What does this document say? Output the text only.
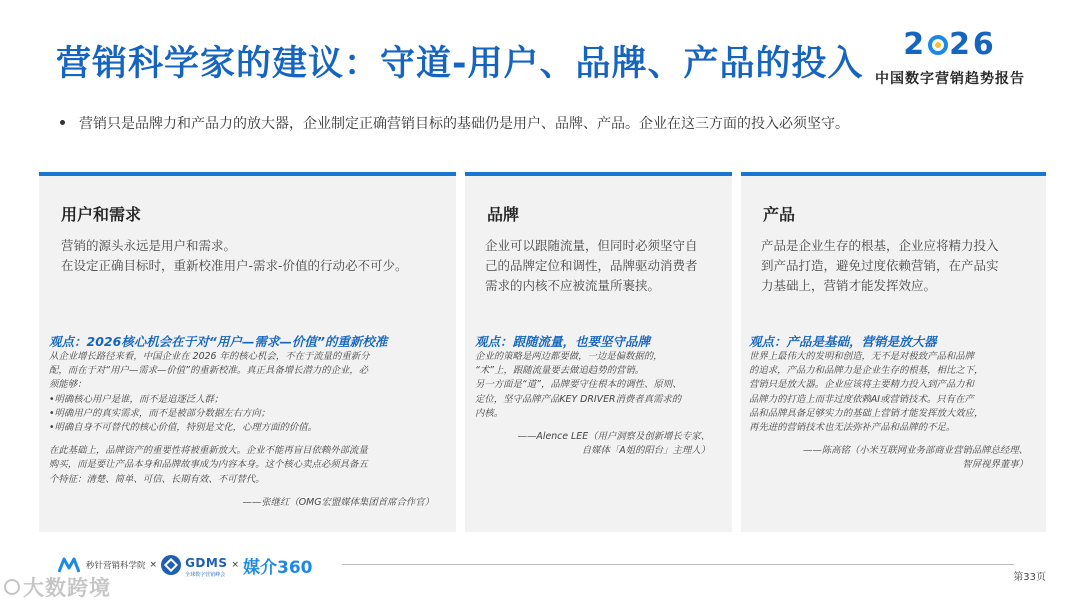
营销科学家的建议：守道-用户、品牌、产品的投入	2 26
中国数字营销趋势报告
营销只是品牌力和产品力的放大器，企业制定正确营销目标的基础仍是用户、品牌、产品。企业在这三方面的投入必须坚守。
用户和需求

营销的源头永远是用户和需求。

在设定正确目标时，重新校准用户-需求-价值的行动必不可少。

观点：2026核心机会在于对“用户—需求—价值”的重新校准

从企业增长路径来看，中国企业在 2026 年的核心机会，不在于流量的重新分

配，而在于对“用户—需求—价值”的重新校准。真正具备增长潜力的企业，必

须能够：

•明确核心用户是谁，而不是追逐泛人群；

•明确用户的真实需求，而不是被部分数据左右方向；

•明确自身不可替代的核心价值，特别是文化，心理方面的价值。

在此基础上，品牌资产的重要性将被重新放大。企业不能再盲目依赖外部流量

购买，而是要让产品本身和品牌故事成为内容本身。这个核心卖点必须具备五

个特征：清楚、简单、可信、长期有效、不可替代。

——张继红（OMG宏盟媒体集团首席合作官）

品牌

企业可以跟随流量，但同时必须坚守自

己的品牌定位和调性，品牌驱动消费者

需求的内核不应被流量所裹挟。

观点：跟随流量，也要坚守品牌

企业的策略是两边都要做，一边是偏数据的，

“术”上，跟随流量要去做追趋势的营销。

另一方面是“道”，品牌要守住根本的调性、原则、

定位，坚守品牌产品KEY DRIVER消费者真需求的

内核。

——Alence LEE（用户洞察及创新增长专家、

自媒体「A姐的阳台」主理人）

产品

产品是企业生存的根基，企业应将精力投入

到产品打造，避免过度依赖营销，在产品实

力基础上，营销才能发挥效应。

观点：产品是基础，营销是放大器

世界上最伟大的发明和创造，无不是对极致产品和品牌

的追求，产品力和品牌力是企业生存的根基，相比之下，

营销只是放大器。企业应该将主要精力投入到产品力和

品牌力的打造上而非过度依赖AI或营销技术。只有在产

品和品牌具备足够实力的基础上营销才能发挥放大效应，

再先进的营销技术也无法弥补产品和品牌的不足。

——陈高铭（小米互联网业务部商业营销品牌总经理、

智屏视界董事）

秒针营销科学院 × GDMS
全球数字营销峰会
× 媒介360	第33页
大数跨境
